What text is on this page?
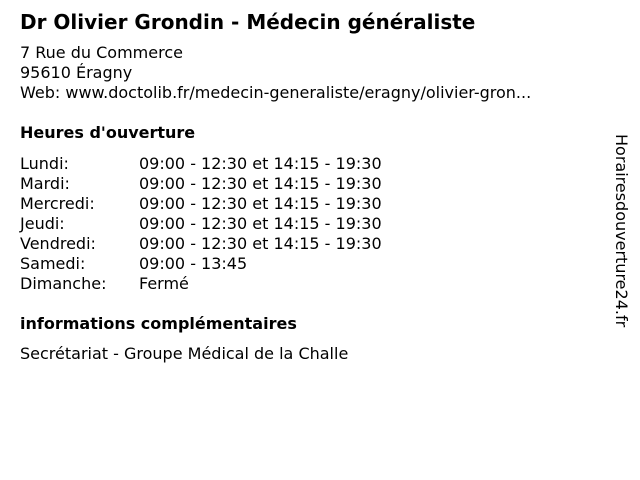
Dr Olivier Grondin - Médecin généraliste
7 Rue du Commerce
95610 Éragny
Web: www.doctolib.fr/medecin-generaliste/eragny/olivier-gron...
Heures d'ouverture
Lundi:	09:00 - 12:30 et 14:15 - 19:30
Mardi:	09:00 - 12:30 et 14:15 - 19:30
Mercredi:	09:00 - 12:30 et 14:15 - 19:30
Jeudi:	09:00 - 12:30 et 14:15 - 19:30
Vendredi:	09:00 - 12:30 et 14:15 - 19:30
Samedi:	09:00 - 13:45
Dimanche: Fermé
informations complémentaires
Secrétariat - Groupe Médical de la Challe
Horairesdouverture24.fr
